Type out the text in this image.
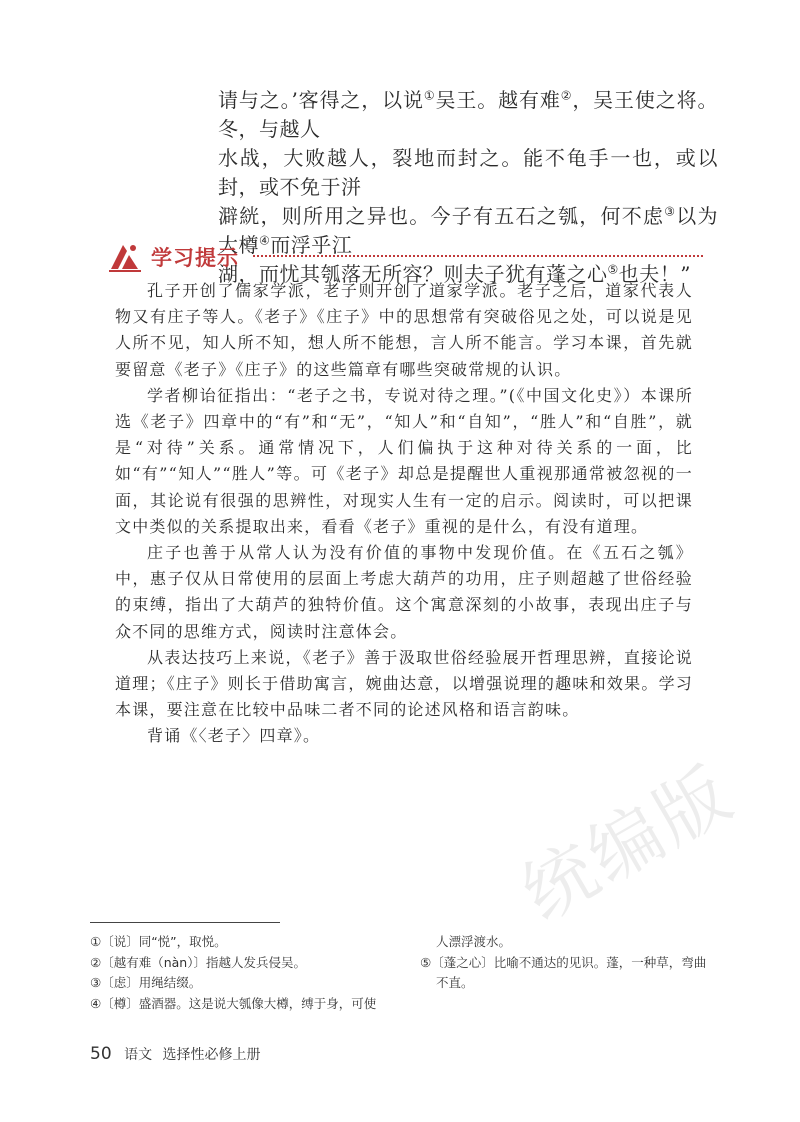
请与之。’客得之，以说①吴王。越有难②，吴王使之将。冬，与越人

水战，大败越人，裂地而封之。能不龟手一也，或以封，或不免于洴

澼絖，则所用之异也。今子有五石之瓠，何不虑③以为大樽④而浮乎江

湖，而忧其瓠落无所容？则夫子犹有蓬之心⑤也夫！”

学习提示

孔子开创了儒家学派，老子则开创了道家学派。老子之后，道家代表人物又有庄子等人。《老子》《庄子》中的思想常有突破俗见之处，可以说是见人所不见，知人所不知，想人所不能想，言人所不能言。学习本课，首先就要留意《老子》《庄子》的这些篇章有哪些突破常规的认识。

学者柳诒征指出：“老子之书，专说对待之理。”(《中国文化史》）本课所选《老子》四章中的“有”和“无”，“知人”和“自知”，“胜人”和“自胜”，就是“对待”关系。通常情况下，人们偏执于这种对待关系的一面，比如“有”“知人”“胜人”等。可《老子》却总是提醒世人重视那通常被忽视的一面，其论说有很强的思辨性，对现实人生有一定的启示。阅读时，可以把课文中类似的关系提取出来，看看《老子》重视的是什么，有没有道理。

庄子也善于从常人认为没有价值的事物中发现价值。在《五石之瓠》中，惠子仅从日常使用的层面上考虑大葫芦的功用，庄子则超越了世俗经验的束缚，指出了大葫芦的独特价值。这个寓意深刻的小故事，表现出庄子与众不同的思维方式，阅读时注意体会。

从表达技巧上来说，《老子》善于汲取世俗经验展开哲理思辨，直接论说道理；《庄子》则长于借助寓言，婉曲达意，以增强说理的趣味和效果。学习本课，要注意在比较中品味二者不同的论述风格和语言韵味。

背诵《〈老子〉四章》。

统编版

①〔说〕同“悦”，取悦。

②〔越有难（nàn）〕指越人发兵侵吴。

③〔虑〕用绳结缀。

④〔樽〕盛酒器。这是说大瓠像大樽，缚于身，可使

人漂浮渡水。

⑤〔蓬之心〕比喻不通达的见识。蓬，一种草，弯曲

不直。

50 语文 选择性必修上册
